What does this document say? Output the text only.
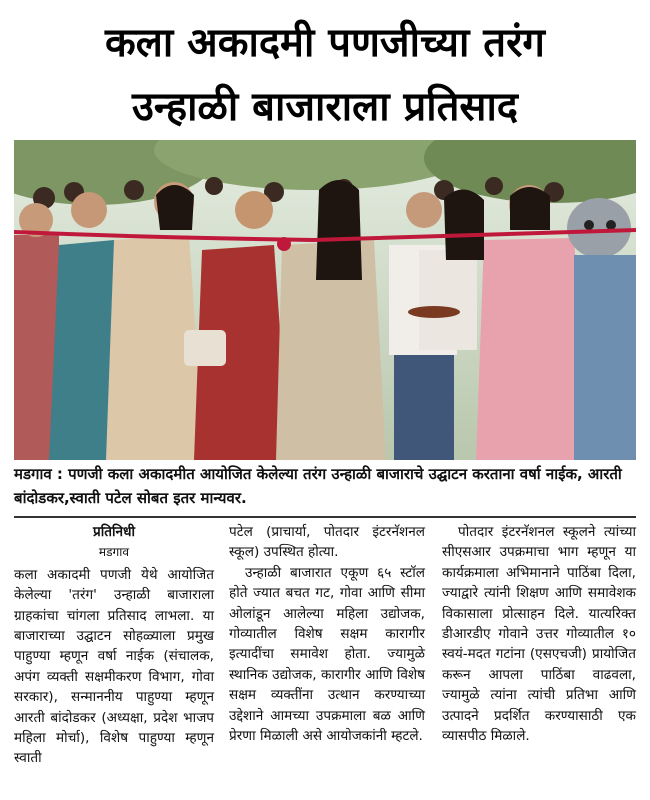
कला अकादमी पणजीच्या तरंग
उन्हाळी बाजाराला प्रतिसाद
मडगाव : पणजी कला अकादमीत आयोजित केलेल्या तरंग उन्हाळी बाजाराचे उद्घाटन करताना वर्षा नाईक, आरती बांदोडकर,स्वाती पटेल सोबत इतर मान्यवर.
प्रतिनिधी
मडगाव

कला अकादमी पणजी येथे आयोजित केलेल्या 'तरंग' उन्हाळी बाजाराला ग्राहकांचा चांगला प्रतिसाद लाभला. या बाजाराच्या उद्घाटन सोहळ्याला प्रमुख पाहुण्या म्हणून वर्षा नाईक (संचालक, अपंग व्यक्ती सक्षमीकरण विभाग, गोवा सरकार), सन्माननीय पाहुण्या म्हणून आरती बांदोडकर (अध्यक्षा, प्रदेश भाजप महिला मोर्चा), विशेष पाहुण्या म्हणून स्वाती

पटेल (प्राचार्या, पोतदार इंटरनॅशनल स्कूल) उपस्थित होत्या.

उन्हाळी बाजारात एकूण ६५ स्टॉल होते ज्यात बचत गट, गोवा आणि सीमा ओलांडून आलेल्या महिला उद्योजक, गोव्यातील विशेष सक्षम कारागीर इत्यादींचा समावेश होता. ज्यामुळे स्थानिक उद्योजक, कारागीर आणि विशेष सक्षम व्यक्तींना उत्थान करण्याच्या उद्देशाने आमच्या उपक्रमाला बळ आणि प्रेरणा मिळाली असे आयोजकांनी म्हटले.

पोतदार इंटरनॅशनल स्कूलने त्यांच्या सीएसआर उपक्रमाचा भाग म्हणून या कार्यक्रमाला अभिमानाने पाठिंबा दिला, ज्याद्वारे त्यांनी शिक्षण आणि समावेशक विकासाला प्रोत्साहन दिले. यात्यरिक्त डीआरडीए गोवाने उत्तर गोव्यातील १० स्वयं-मदत गटांना (एसएचजी) प्रायोजित करून आपला पाठिंबा वाढवला, ज्यामुळे त्यांना त्यांची प्रतिभा आणि उत्पादने प्रदर्शित करण्यासाठी एक व्यासपीठ मिळाले.
